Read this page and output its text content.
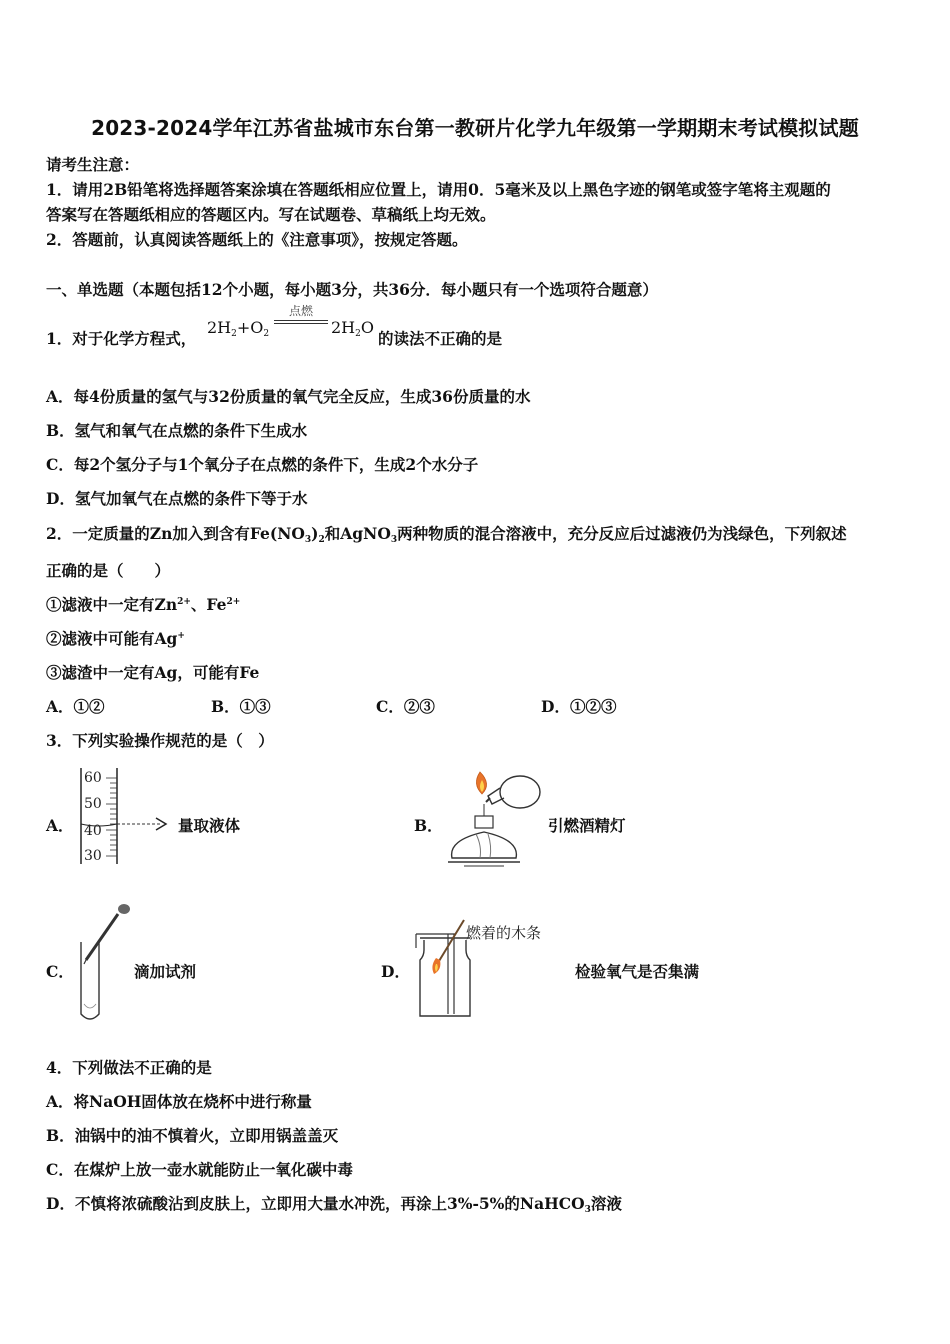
2023-2024学年江苏省盐城市东台第一教研片化学九年级第一学期期末考试模拟试题
请考生注意：
1．请用2B铅笔将选择题答案涂填在答题纸相应位置上，请用0．5毫米及以上黑色字迹的钢笔或签字笔将主观题的
答案写在答题纸相应的答题区内。写在试题卷、草稿纸上均无效。
2．答题前，认真阅读答题纸上的《注意事项》，按规定答题。
一、单选题（本题包括12个小题，每小题3分，共36分．每小题只有一个选项符合题意）
1．对于化学方程式，
$2H_2+O_2$
点燃
$2H_2O$
的读法不正确的是
A．每4份质量的氢气与32份质量的氧气完全反应，生成36份质量的水
B．氢气和氧气在点燃的条件下生成水
C．每2个氢分子与1个氧分子在点燃的条件下，生成2个水分子
D．氢气加氧气在点燃的条件下等于水
2．一定质量的Zn加入到含有$Fe(NO_3)_2$和AgNO$_3$两种物质的混合溶液中，充分反应后过滤液仍为浅绿色，下列叙述
正确的是（　　）
①滤液中一定有$Zn^{2+}$、$Fe^{2+}$
②滤液中可能有Ag+
③滤渣中一定有Ag，可能有Fe
A．①②	B．①③	C．②③	D．①②③
3．下列实验操作规范的是（　）
A．
60
50
40
30
量取液体	B．	引燃酒精灯
C．	滴加试剂	D．
燃着的木条
检验氧气是否集满
4．下列做法不正确的是
A．将NaOH固体放在烧杯中进行称量
B．油锅中的油不慎着火，立即用锅盖盖灭
C．在煤炉上放一壶水就能防止一氧化碳中毒
D．不慎将浓硫酸沾到皮肤上，立即用大量水冲洗，再涂上3%-5%的NaHCO$_3$溶液
